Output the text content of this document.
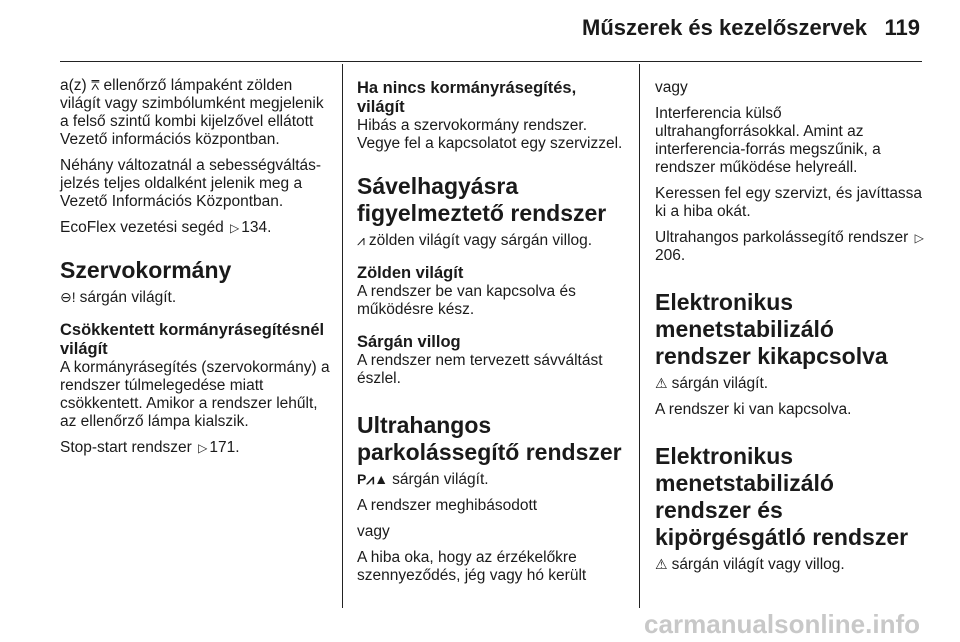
Műszerek és kezelőszervek 119

a(z) ⩞ ellenőrző lámpaként zölden világít vagy szimbólumként megjelenik a felső szintű kombi kijelzővel ellátott Vezető információs központban.

Néhány változatnál a sebességváltás-jelzés teljes oldalként jelenik meg a Vezető Információs Központban.

EcoFlex vezetési segéd ▷ 134.

Szervokormány

⊖! sárgán világít.

Csökkentett kormányrásegítésnél világít

A kormányrásegítés (szervokormány) a rendszer túlmelegedése miatt csökkentett. Amikor a rendszer lehűlt, az ellenőrző lámpa kialszik.

Stop-start rendszer ▷ 171.

Ha nincs kormányrásegítés, világít

Hibás a szervokormány rendszer. Vegye fel a kapcsolatot egy szervizzel.

Sávelhagyásra figyelmeztető rendszer

⩘ zölden világít vagy sárgán villog.

Zölden világít

A rendszer be van kapcsolva és működésre kész.

Sárgán villog

A rendszer nem tervezett sávváltást észlel.

Ultrahangos parkolássegítő rendszer

P⩘▲ sárgán világít.

A rendszer meghibásodott

vagy

A hiba oka, hogy az érzékelőkre szennyeződés, jég vagy hó került

vagy

Interferencia külső ultrahangforrásokkal. Amint az interferencia-forrás megszűnik, a rendszer működése helyreáll.

Keressen fel egy szervizt, és javíttassa ki a hiba okát.

Ultrahangos parkolássegítő rendszer ▷206.

Elektronikus menetstabilizáló rendszer kikapcsolva

⚠ sárgán világít.

A rendszer ki van kapcsolva.

Elektronikus menetstabilizáló rendszer és kipörgésgátló rendszer

⚠ sárgán világít vagy villog.

carmanualsonline.info
